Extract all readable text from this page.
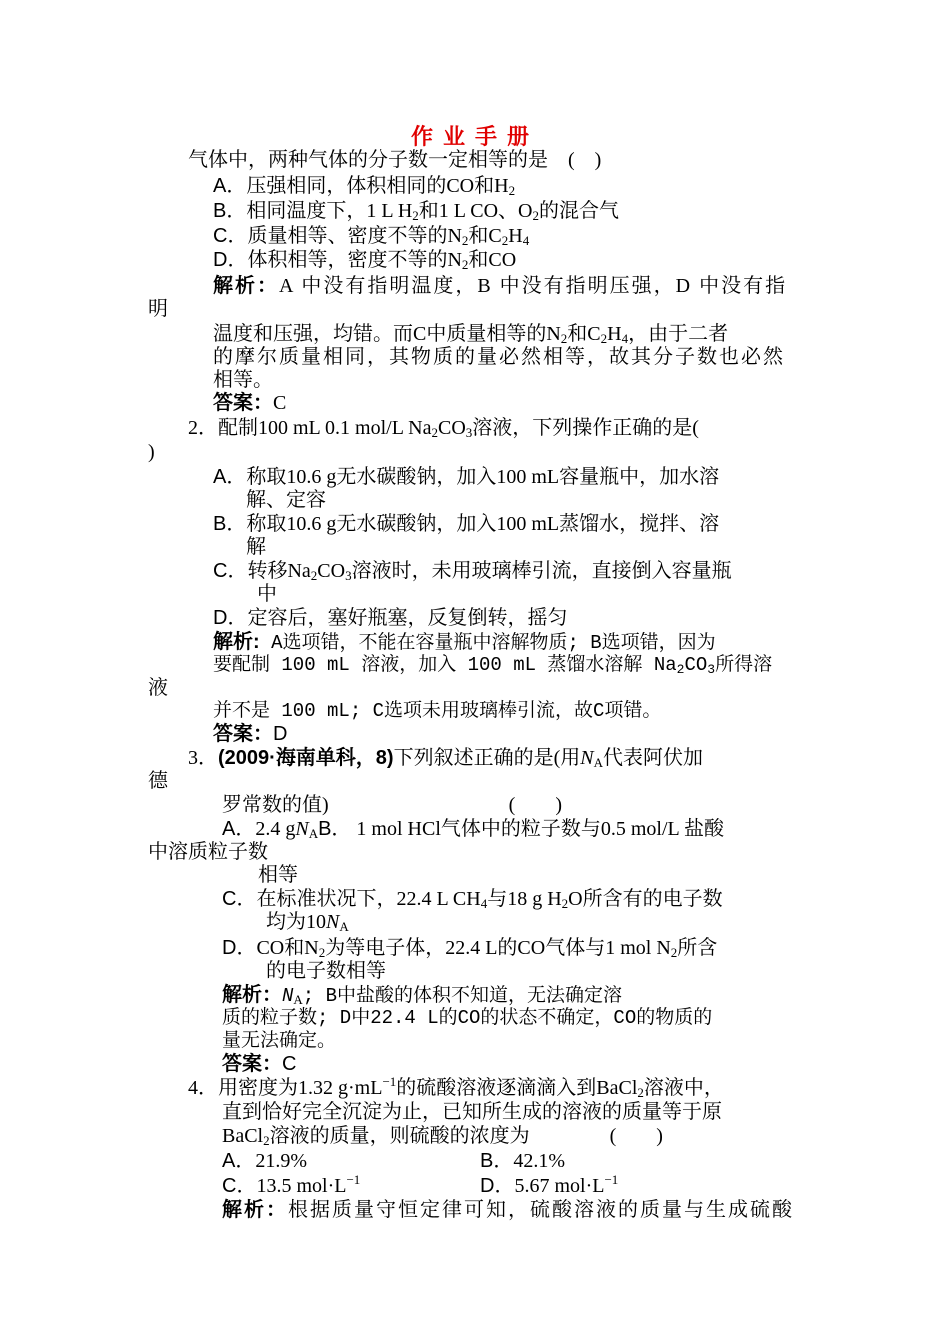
作业手册
气体中，两种气体的分子数一定相等的是　(　)
A．压强相同，体积相同的CO和$H_2$
B．相同温度下，1 L $H_2$和1 L CO、$O_2$的混合气
C．质量相等、密度不等的$N_2$和$C_2H_4$
D．体积相等，密度不等的$N_2$和CO
解析：A 中没有指明温度，B 中没有指明压强，D 中没有指
明
温度和压强，均错。而C中质量相等的$N_2$和$C_2H_4$，由于二者
的摩尔质量相同，其物质的量必然相等，故其分子数也必然
相等。
答案：C
2．配制100 mL 0.1 mol/L $Na_2CO_3$溶液，下列操作正确的是(
)
A．称取10.6 g无水碳酸钠，加入100 mL容量瓶中，加水溶
解、定容
B．称取10.6 g无水碳酸钠，加入100 mL蒸馏水，搅拌、溶
解
C．转移$Na_2CO_3$溶液时，未用玻璃棒引流，直接倒入容量瓶
中
D．定容后，塞好瓶塞，反复倒转，摇匀
解析: A选项错，不能在容量瓶中溶解物质; B选项错，因为
要配制 100 mL 溶液，加入 100 mL 蒸馏水溶解 $Na_2CO_3$所得溶
液
并不是 100 mL; C选项未用玻璃棒引流，故C项错。
答案：D
3．(2009·海南单科，8)下列叙述正确的是(用$N_A$代表阿伏加
德
罗常数的值)　　　　　　　　　(　　)
A．2.4 $gN_AB$． 1 mol HCl气体中的粒子数与0.5 mol/L 盐酸
中溶质粒子数
相等
C．在标准状况下，22.4 L $CH_4$与18 g $H_2O$所含有的电子数
均为$10N_A$
D．CO和$N_2$为等电子体，22.4 L的CO气体与1 mol $N_2$所含
的电子数相等
解析：$N_A$; B中盐酸的体积不知道，无法确定溶
质的粒子数; D中22.4 L的CO的状态不确定，CO的物质的
量无法确定。
答案：C
4．用密度为1.32 $g\cdot mL^{-1}$的硫酸溶液逐滴滴入到BaCl$_2$溶液中，
直到恰好完全沉淀为止，已知所生成的溶液的质量等于原
BaCl$_2$溶液的质量，则硫酸的浓度为　　　　(　　)
A．21.9%	B．42.1%
C．13.5 $mol\cdot L^{-1}$	D．5.67 $mol\cdot L^{-1}$
解析：根据质量守恒定律可知，硫酸溶液的质量与生成硫酸
